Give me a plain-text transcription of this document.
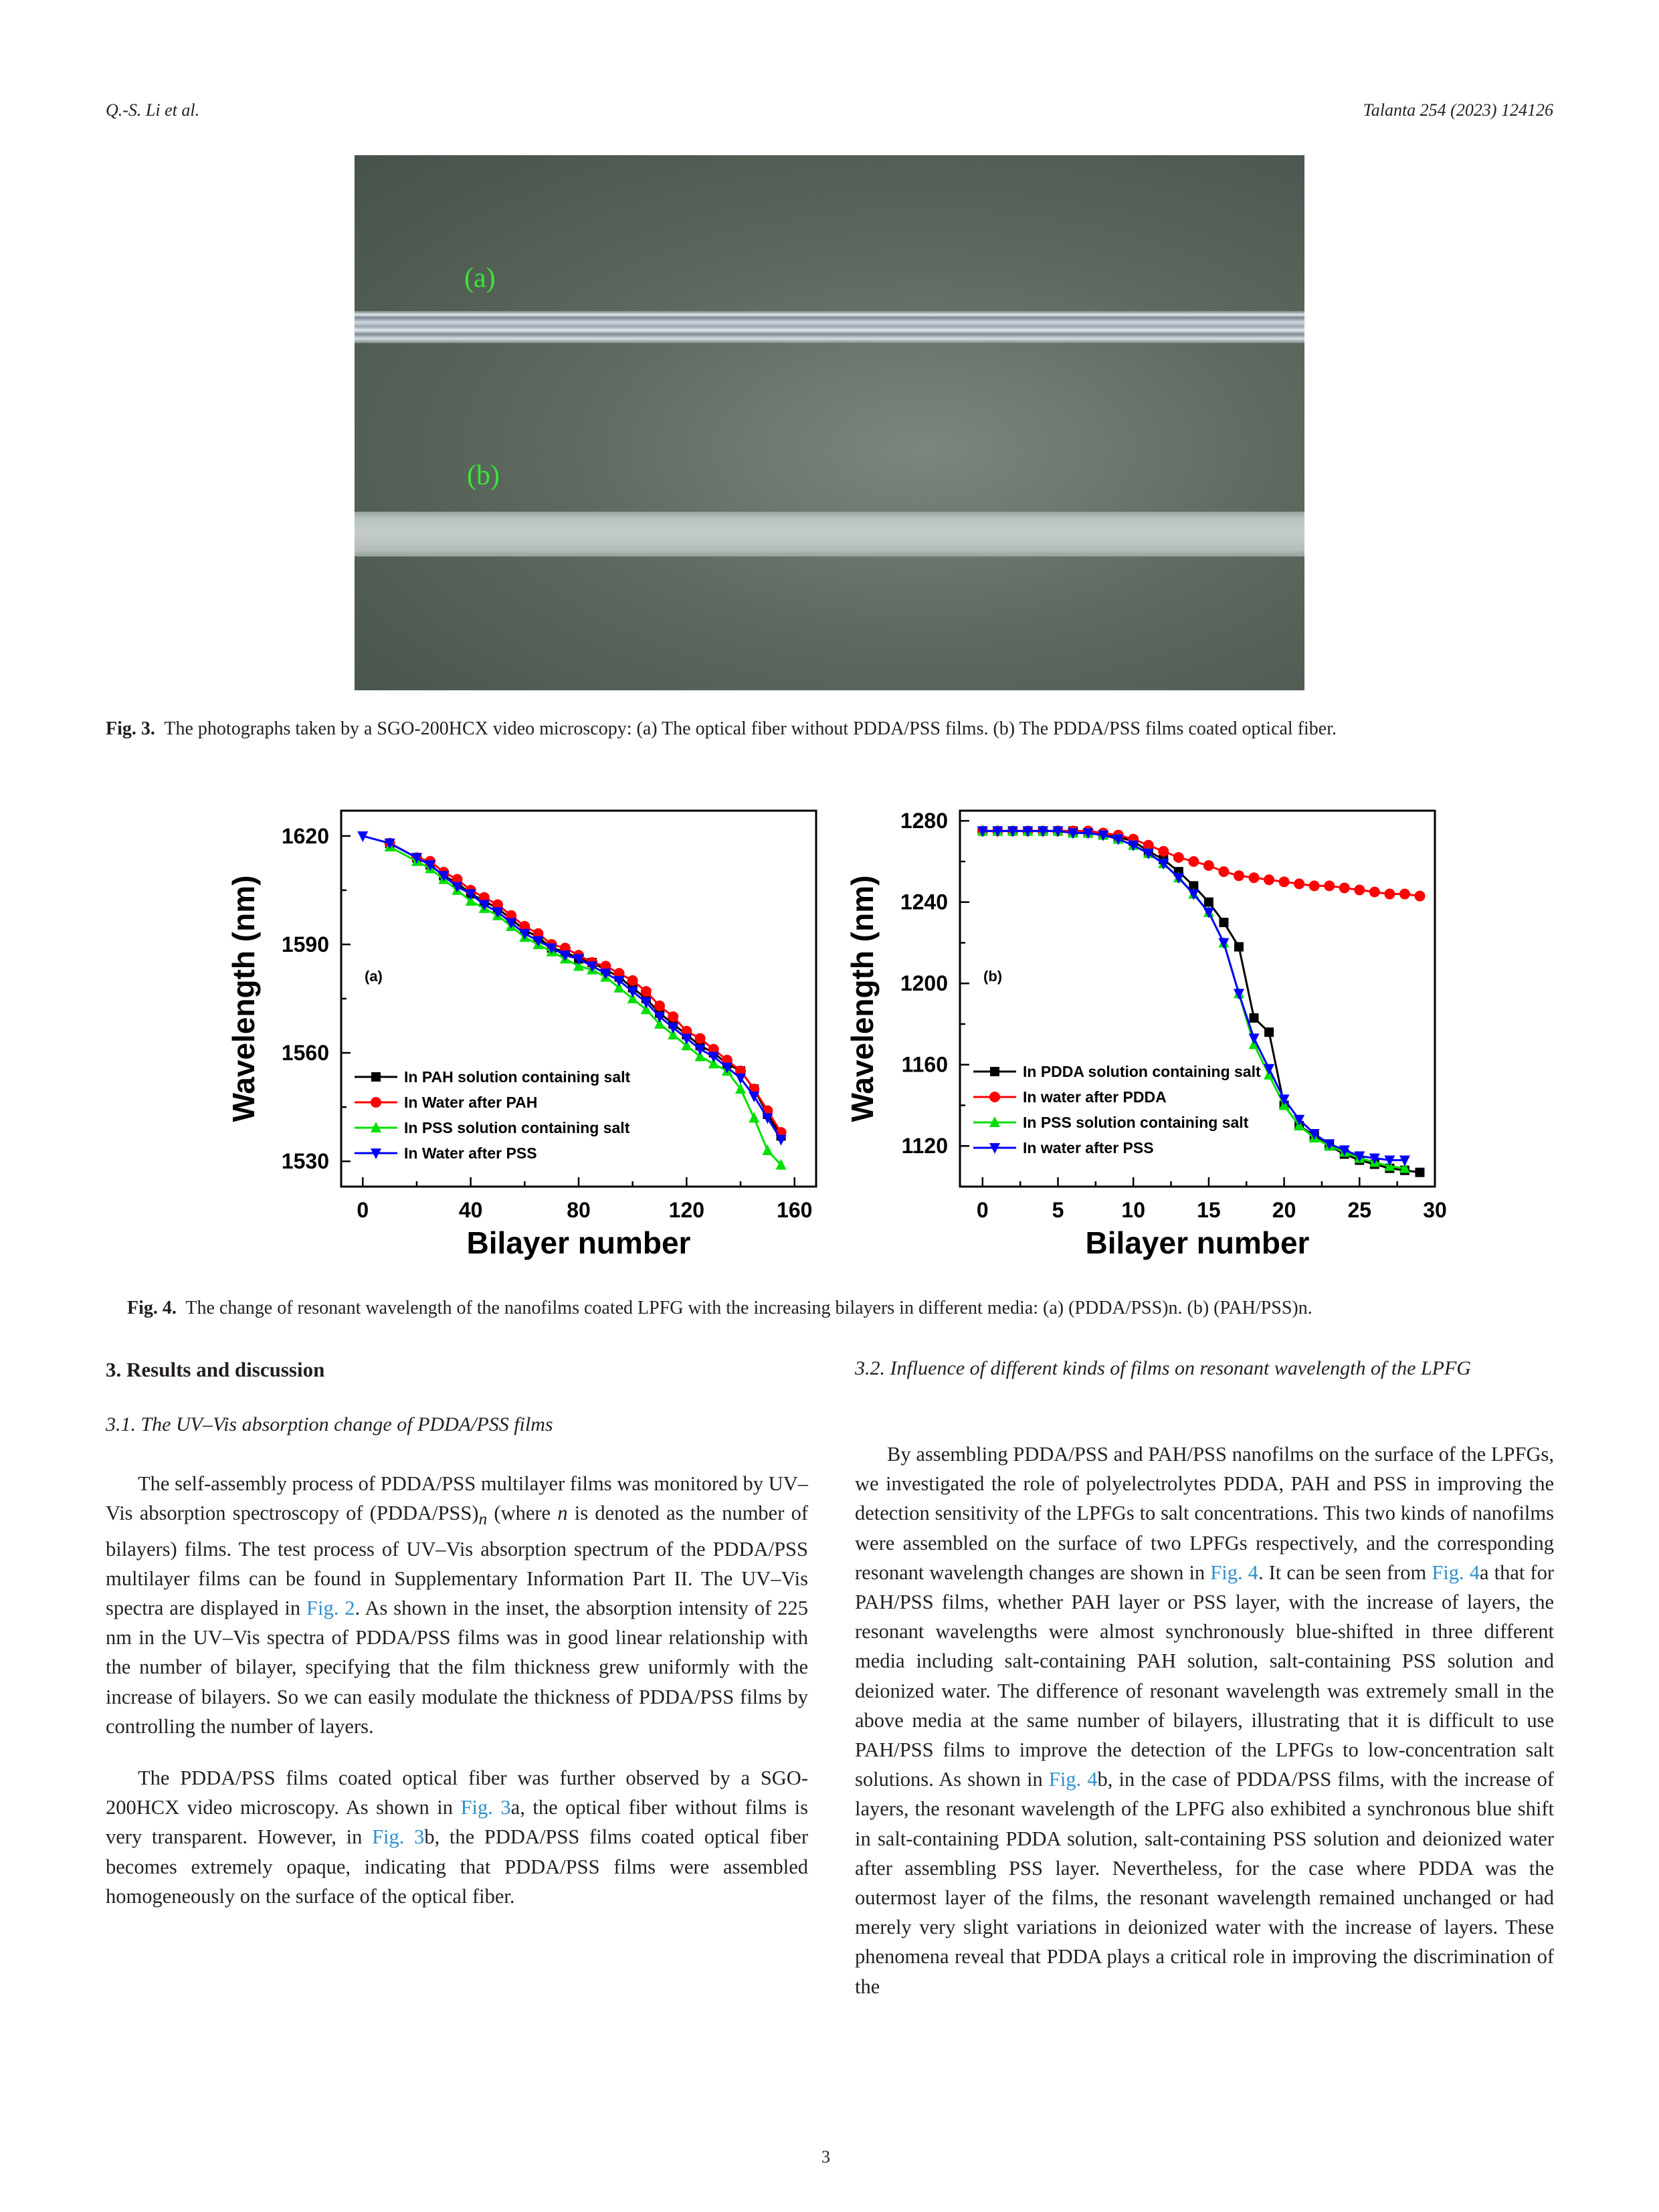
Q.-S. Li et al.	Talanta 254 (2023) 124126
(a)
(b)
Fig. 3. The photographs taken by a SGO-200HCX video microscopy: (a) The optical fiber without PDDA/PSS films. (b) The PDDA/PSS films coated optical fiber.
1530
1560
1590
1620
0	40	80	120	160
Bilayer number
Wavelength (nm)	(a)
In PAH solution containing salt
In Water after PAH
In PSS solution containing salt
In Water after PSS	1120
1160
1200
1240
1280
0	5	10 15 20 25 30
Bilayer number
Wavelength (nm)	(b)
In PDDA solution containing salt
In water after PDDA
In PSS solution containing salt
In water after PSS
Fig. 4. The change of resonant wavelength of the nanofilms coated LPFG with the increasing bilayers in different media: (a) (PDDA/PSS)n. (b) (PAH/PSS)n.
3. Results and discussion
3.1. The UV–Vis absorption change of PDDA/PSS films

The self-assembly process of PDDA/PSS multilayer films was monitored by UV–Vis absorption spectroscopy of $(PDDA/PSS)_n$ (where n is denoted as the number of bilayers) films. The test process of UV–Vis absorption spectrum of the PDDA/PSS multilayer films can be found in Supplementary Information Part II. The UV–Vis spectra are displayed in Fig. 2. As shown in the inset, the absorption intensity of 225 nm in the UV–Vis spectra of PDDA/PSS films was in good linear relationship with the number of bilayer, specifying that the film thickness grew uniformly with the increase of bilayers. So we can easily modulate the thickness of PDDA/PSS films by controlling the number of layers.

The PDDA/PSS films coated optical fiber was further observed by a SGO-200HCX video microscopy. As shown in Fig. 3a, the optical fiber without films is very transparent. However, in Fig. 3b, the PDDA/PSS films coated optical fiber becomes extremely opaque, indicating that PDDA/PSS films were assembled homogeneously on the surface of the optical fiber.

3.2. Influence of different kinds of films on resonant wavelength of the LPFG

By assembling PDDA/PSS and PAH/PSS nanofilms on the surface of the LPFGs, we investigated the role of polyelectrolytes PDDA, PAH and PSS in improving the detection sensitivity of the LPFGs to salt concentrations. This two kinds of nanofilms were assembled on the surface of two LPFGs respectively, and the corresponding resonant wavelength changes are shown in Fig. 4. It can be seen from Fig. 4a that for PAH/PSS films, whether PAH layer or PSS layer, with the increase of layers, the resonant wavelengths were almost synchronously blue-shifted in three different media including salt-containing PAH solution, salt-containing PSS solution and deionized water. The difference of resonant wavelength was extremely small in the above media at the same number of bilayers, illustrating that it is difficult to use PAH/PSS films to improve the detection of the LPFGs to low-concentration salt solutions. As shown in Fig. 4b, in the case of PDDA/PSS films, with the increase of layers, the resonant wavelength of the LPFG also exhibited a synchronous blue shift in salt-containing PDDA solution, salt-containing PSS solution and deionized water after assembling PSS layer. Nevertheless, for the case where PDDA was the outermost layer of the films, the resonant wavelength remained unchanged or had merely very slight variations in deionized water with the increase of layers. These phenomena reveal that PDDA plays a critical role in improving the discrimination of the

3
